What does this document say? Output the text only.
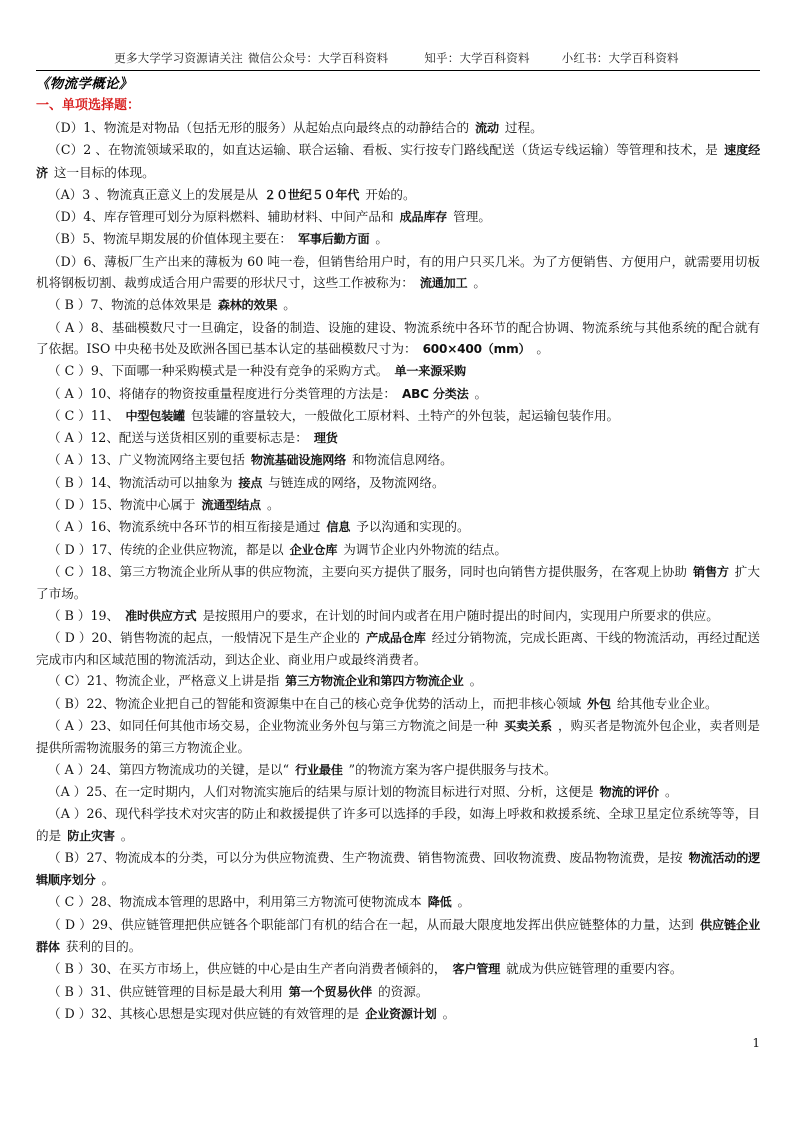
更多大学学习资源请关注 微信公众号：大学百科资料	知乎：大学百科资料	小红书：大学百科资料
《物流学概论》
一、单项选择题：

（D）1、物流是对物品（包括无形的服务）从起始点向最终点的动静结合的 流动 过程。

（C）2 、在物流领域采取的，如直达运输、联合运输、看板、实行按专门路线配送（货运专线运输）等管理和技术，是 速度经济 这一目标的体现。

（A）3 、物流真正意义上的发展是从 ２０世纪５０年代 开始的。

（D）4、库存管理可划分为原料燃料、辅助材料、中间产品和 成品库存 管理。

（B）5、物流早期发展的价值体现主要在： 军事后勤方面 。

（D）6、薄板厂生产出来的薄板为 60 吨一卷，但销售给用户时，有的用户只买几米。为了方便销售、方便用户，就需要用切板机将钢板切割、裁剪成适合用户需要的形状尺寸，这些工作被称为： 流通加工 。

（ B ）7、物流的总体效果是 森林的效果 。

（ A ）8、基础模数尺寸一旦确定，设备的制造、设施的建设、物流系统中各环节的配合协调、物流系统与其他系统的配合就有了依据。ISO 中央秘书处及欧洲各国已基本认定的基础模数尺寸为： 600×400（mm） 。

（ C ）9、下面哪一种采购模式是一种没有竞争的采购方式。 单一来源采购

（ A ）10、将储存的物资按重量程度进行分类管理的方法是： ABC 分类法 。

（ C ）11、 中型包装罐 包装罐的容量较大，一般做化工原材料、土特产的外包装，起运输包装作用。

（ A ）12、配送与送货相区别的重要标志是： 理货

（ A ）13、广义物流网络主要包括 物流基础设施网络 和物流信息网络。

（ B ）14、物流活动可以抽象为 接点 与链连成的网络，及物流网络。

（ D ）15、物流中心属于 流通型结点 。

（ A ）16、物流系统中各环节的相互衔接是通过 信息 予以沟通和实现的。

（ D ）17、传统的企业供应物流，都是以 企业仓库 为调节企业内外物流的结点。

（ C ）18、第三方物流企业所从事的供应物流，主要向买方提供了服务，同时也向销售方提供服务，在客观上协助 销售方 扩大了市场。

（ B ）19、 准时供应方式 是按照用户的要求，在计划的时间内或者在用户随时提出的时间内，实现用户所要求的供应。

（ D ）20、销售物流的起点，一般情况下是生产企业的 产成品仓库 经过分销物流，完成长距离、干线的物流活动，再经过配送完成市内和区域范围的物流活动，到达企业、商业用户或最终消费者。

（ C）21、物流企业，严格意义上讲是指 第三方物流企业和第四方物流企业 。

（ B）22、物流企业把自己的智能和资源集中在自己的核心竞争优势的活动上，而把非核心领域 外包 给其他专业企业。

（ A ）23、如同任何其他市场交易，企业物流业务外包与第三方物流之间是一种 买卖关系 ，购买者是物流外包企业，卖者则是提供所需物流服务的第三方物流企业。

（ A ）24、第四方物流成功的关键，是以“ 行业最佳 ”的物流方案为客户提供服务与技术。

（A ）25、在一定时期内，人们对物流实施后的结果与原计划的物流目标进行对照、分析，这便是 物流的评价 。

（A ）26、现代科学技术对灾害的防止和救援提供了许多可以选择的手段，如海上呼救和救援系统、全球卫星定位系统等等，目的是 防止灾害 。

（ B）27、物流成本的分类，可以分为供应物流费、生产物流费、销售物流费、回收物流费、废品物物流费，是按 物流活动的逻辑顺序划分 。

（ C ）28、物流成本管理的思路中，利用第三方物流可使物流成本 降低 。

（ D ）29、供应链管理把供应链各个职能部门有机的结合在一起，从而最大限度地发挥出供应链整体的力量，达到 供应链企业群体 获利的目的。

（ B ）30、在买方市场上，供应链的中心是由生产者向消费者倾斜的， 客户管理 就成为供应链管理的重要内容。

（ B ）31、供应链管理的目标是最大利用 第一个贸易伙伴 的资源。

（ D ）32、其核心思想是实现对供应链的有效管理的是 企业资源计划 。

1
